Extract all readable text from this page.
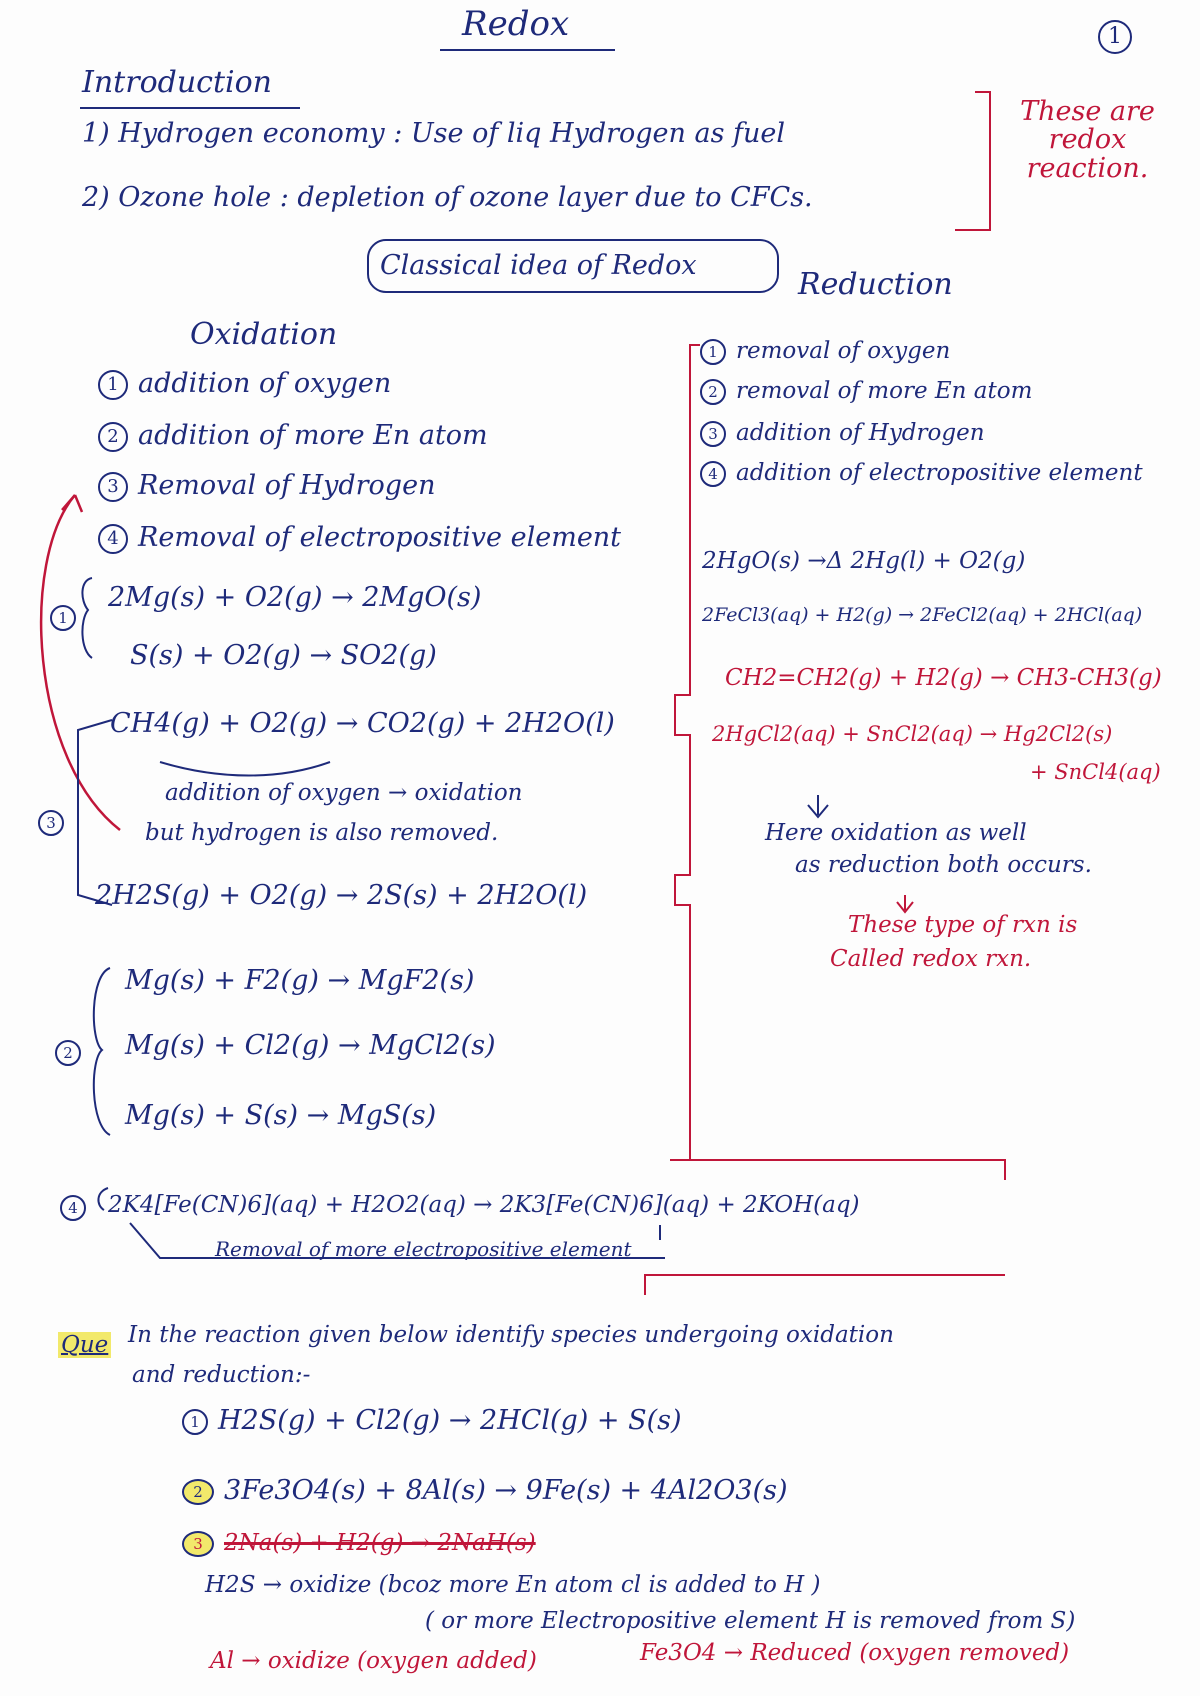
Redox	1
Introduction
1) Hydrogen economy : Use of liq Hydrogen as fuel
2) Ozone hole : depletion of ozone layer due to CFCs.
These are redox reaction.
Classical idea of Redox
Oxidation
1 addition of oxygen
2 addition of more En atom
3 Removal of Hydrogen
4 Removal of electropositive element
1
2Mg(s) + O2(g) → 2MgO(s)
S(s) + O2(g) → SO2(g)
CH4(g) + O2(g) → CO2(g) + 2H2O(l)
addition of oxygen → oxidation
but hydrogen is also removed.
3
2H2S(g) + O2(g) → 2S(s) + 2H2O(l)
2
Mg(s) + F2(g) → MgF2(s)
Mg(s) + Cl2(g) → MgCl2(s)
Mg(s) + S(s) → MgS(s)
4	2K4[Fe(CN)6](aq) + H2O2(aq) → 2K3[Fe(CN)6](aq) + 2KOH(aq)
Removal of more electropositive element
Reduction
1 removal of oxygen
2 removal of more En atom
3 addition of Hydrogen
4 addition of electropositive element
2HgO(s) →Δ 2Hg(l) + O2(g)
2FeCl3(aq) + H2(g) → 2FeCl2(aq) + 2HCl(aq)
CH2=CH2(g) + H2(g) → CH3-CH3(g)
2HgCl2(aq) + SnCl2(aq) → Hg2Cl2(s)
+ SnCl4(aq)
Here oxidation as well
as reduction both occurs.
These type of rxn is
Called redox rxn.
Que In the reaction given below identify species undergoing oxidation
and reduction:-
1 H2S(g) + Cl2(g) → 2HCl(g) + S(s)
2 3Fe3O4(s) + 8Al(s) → 9Fe(s) + 4Al2O3(s)
3 2Na(s) + H2(g) → 2NaH(s)
H2S → oxidize (bcoz more En atom cl is added to H )
( or more Electropositive element H is removed from S)
Al → oxidize (oxygen added)	Fe3O4 → Reduced (oxygen removed)
